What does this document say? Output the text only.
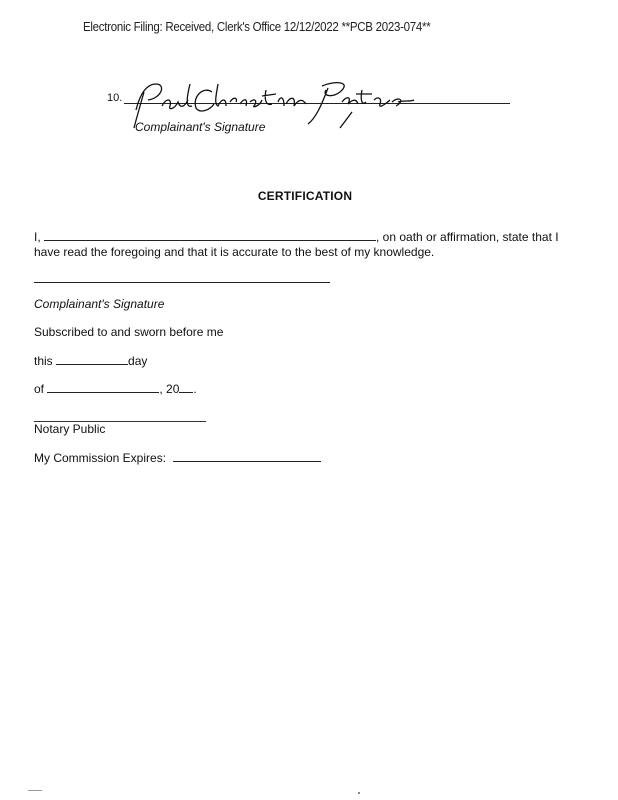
Electronic Filing: Received, Clerk's Office 12/12/2022 **PCB 2023-074**
10.
Complainant's Signature
CERTIFICATION
I,	, on oath or affirmation, state that I have read the foregoing and that it is accurate to the best of my knowledge.
Complainant's Signature
Subscribed to and sworn before me
this	day
of	, 20 .
Notary Public
My Commission Expires:
